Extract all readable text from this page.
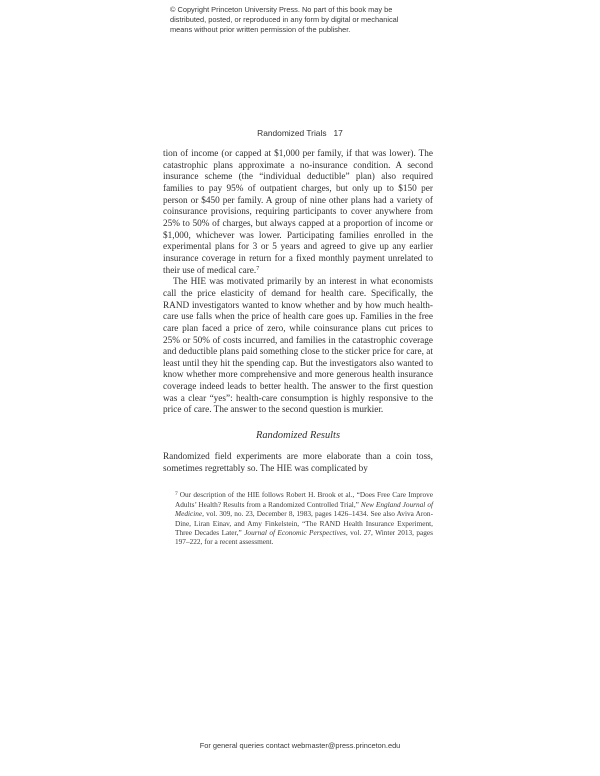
© Copyright Princeton University Press. No part of this book may be
distributed, posted, or reproduced in any form by digital or mechanical
means without prior written permission of the publisher.
Randomized Trials 17

tion of income (or capped at $1,000 per family, if that was lower). The catastrophic plans approximate a no-insurance condition. A second insurance scheme (the “individual deductible” plan) also required families to pay 95% of outpatient charges, but only up to $150 per person or $450 per family. A group of nine other plans had a variety of coinsurance provisions, requiring participants to cover anywhere from 25% to 50% of charges, but always capped at a proportion of income or $1,000, whichever was lower. Participating families enrolled in the experimental plans for 3 or 5 years and agreed to give up any earlier insurance coverage in return for a fixed monthly payment unrelated to their use of medical care.$^7$

The HIE was motivated primarily by an interest in what economists call the price elasticity of demand for health care. Specifically, the RAND investigators wanted to know whether and by how much health-care use falls when the price of health care goes up. Families in the free care plan faced a price of zero, while coinsurance plans cut prices to 25% or 50% of costs incurred, and families in the catastrophic coverage and deductible plans paid something close to the sticker price for care, at least until they hit the spending cap. But the investigators also wanted to know whether more comprehensive and more generous health insurance coverage indeed leads to better health. The answer to the first question was a clear “yes”: health-care consumption is highly responsive to the price of care. The answer to the second question is murkier.

Randomized Results

Randomized field experiments are more elaborate than a coin toss, sometimes regrettably so. The HIE was complicated by

$^7$ Our description of the HIE follows Robert H. Brook et al., “Does Free Care Improve Adults’ Health? Results from a Randomized Controlled Trial,” New England Journal of Medicine, vol. 309, no. 23, December 8, 1983, pages 1426–1434. See also Aviva Aron-Dine, Liran Einav, and Amy Finkelstein, “The RAND Health Insurance Experiment, Three Decades Later,” Journal of Economic Perspectives, vol. 27, Winter 2013, pages 197–222, for a recent assessment.

For general queries contact webmaster@press.princeton.edu
